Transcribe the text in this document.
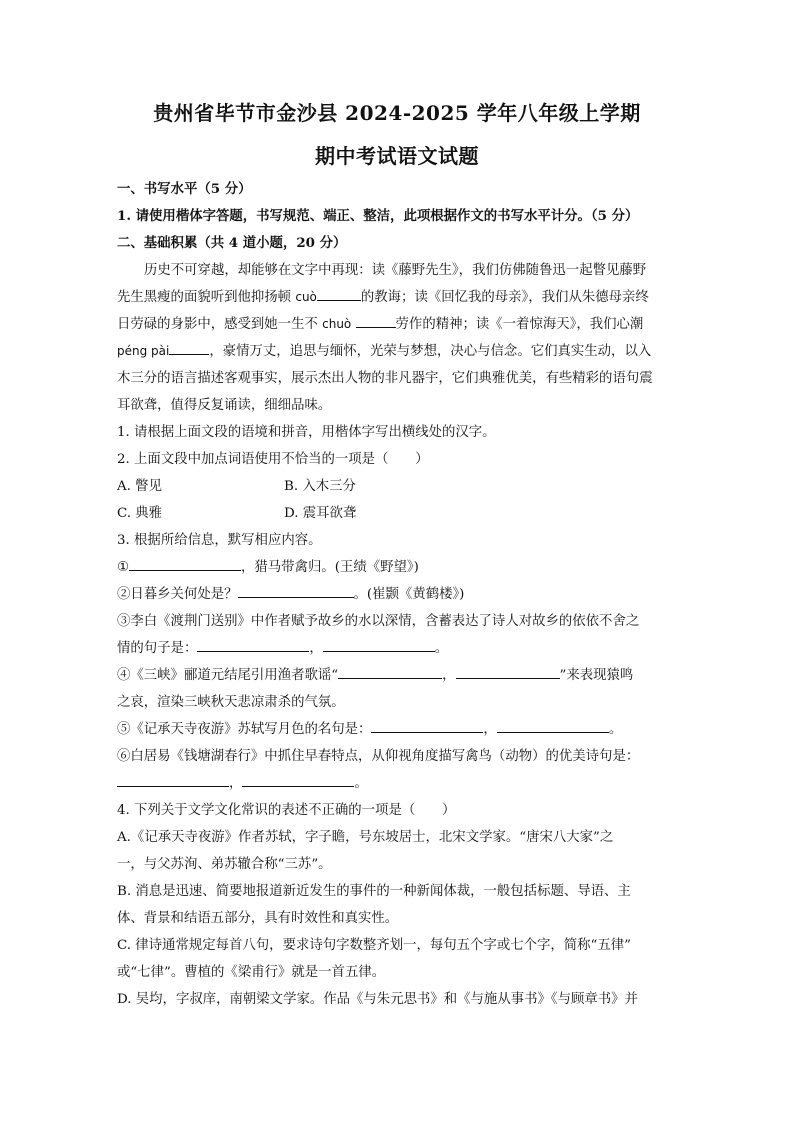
贵州省毕节市金沙县 2024-2025 学年八年级上学期
期中考试语文试题
一、书写水平（5 分）
1. 请使用楷体字答题，书写规范、端正、整洁，此项根据作文的书写水平计分。（5 分）
二、基础积累（共 4 道小题，20 分）
历史不可穿越，却能够在文字中再现：读《藤野先生》，我们仿佛随鲁迅一起瞥见藤野
先生黑瘦的面貌听到他抑扬顿 cuò	的教诲；读《回忆我的母亲》，我们从朱德母亲终
日劳碌的身影中，感受到她一生不 chuò	劳作的精神；读《一着惊海天》，我们心潮
péng pài	，豪情万丈，追思与缅怀，光荣与梦想，决心与信念。它们真实生动，以入
木三分的语言描述客观事实，展示杰出人物的非凡器宇，它们典雅优美，有些精彩的语句震
耳欲聋，值得反复诵读，细细品味。
1. 请根据上面文段的语境和拼音，用楷体字写出横线处的汉字。
2. 上面文段中加点词语使用不恰当的一项是（　　）
A. 瞥见	B. 入木三分
C. 典雅	D. 震耳欲聋
3. 根据所给信息，默写相应内容。
①	，猎马带禽归。(王绩《野望》)
②日暮乡关何处是？	。(崔颢《黄鹤楼》)
③李白《渡荆门送别》中作者赋予故乡的水以深情，含蓄表达了诗人对故乡的依依不舍之
情的句子是：	，	。
④《三峡》郦道元结尾引用渔者歌谣“	，	”来表现猿鸣
之哀，渲染三峡秋天悲凉肃杀的气氛。
⑤《记承天寺夜游》苏轼写月色的名句是：	，	。
⑥白居易《钱塘湖春行》中抓住早春特点，从仰视角度描写禽鸟（动物）的优美诗句是：
，	。
4. 下列关于文学文化常识的表述不正确的一项是（　　）
A.《记承天寺夜游》作者苏轼，字子瞻，号东坡居士，北宋文学家。“唐宋八大家”之
一，与父苏洵、弟苏辙合称“三苏”。
B. 消息是迅速、简要地报道新近发生的事件的一种新闻体裁，一般包括标题、导语、主
体、背景和结语五部分，具有时效性和真实性。
C. 律诗通常规定每首八句，要求诗句字数整齐划一，每句五个字或七个字，简称“五律”
或“七律”。曹植的《梁甫行》就是一首五律。
D. 吴均，字叔庠，南朝梁文学家。作品《与朱元思书》和《与施从事书》《与顾章书》并
